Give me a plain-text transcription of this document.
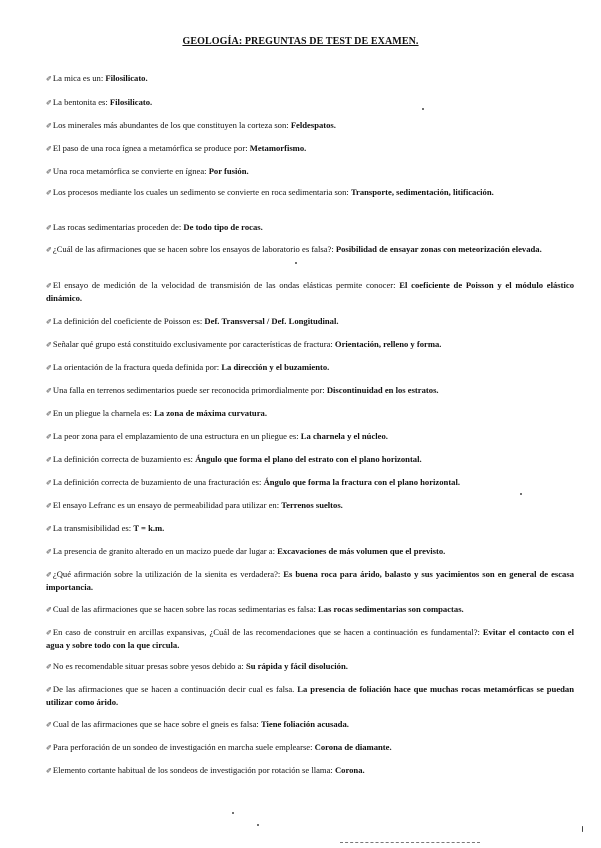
GEOLOGÍA: PREGUNTAS DE TEST DE EXAMEN.
✐La mica es un: Filosilicato.
✐La bentonita es: Filosilicato.
✐Los minerales más abundantes de los que constituyen la corteza son: Feldespatos.
✐El paso de una roca ígnea a metamórfica se produce por: Metamorfismo.
✐Una roca metamórfica se convierte en ígnea: Por fusión.
✐Los procesos mediante los cuales un sedimento se convierte en roca sedimentaria son: Transporte, sedimentación, litificación.
✐Las rocas sedimentarias proceden de: De todo tipo de rocas.
✐¿Cuál de las afirmaciones que se hacen sobre los ensayos de laboratorio es falsa?: Posibilidad de ensayar zonas con meteorización elevada.
✐El ensayo de medición de la velocidad de transmisión de las ondas elásticas permite conocer: El coeficiente de Poisson y el módulo elástico dinámico.
✐La definición del coeficiente de Poisson es: Def. Transversal / Def. Longitudinal.
✐Señalar qué grupo está constituido exclusivamente por características de fractura: Orientación, relleno y forma.
✐La orientación de la fractura queda definida por: La dirección y el buzamiento.
✐Una falla en terrenos sedimentarios puede ser reconocida primordialmente por: Discontinuidad en los estratos.
✐En un pliegue la charnela es: La zona de máxima curvatura.
✐La peor zona para el emplazamiento de una estructura en un pliegue es: La charnela y el núcleo.
✐La definición correcta de buzamiento es: Ángulo que forma el plano del estrato con el plano horizontal.
✐La definición correcta de buzamiento de una fracturación es: Ángulo que forma la fractura con el plano horizontal.
✐El ensayo Lefranc es un ensayo de permeabilidad para utilizar en: Terrenos sueltos.
✐La transmisibilidad es: T = k.m.
✐La presencia de granito alterado en un macizo puede dar lugar a: Excavaciones de más volumen que el previsto.
✐¿Qué afirmación sobre la utilización de la sienita es verdadera?: Es buena roca para árido, balasto y sus yacimientos son en general de escasa importancia.
✐Cual de las afirmaciones que se hacen sobre las rocas sedimentarias es falsa: Las rocas sedimentarias son compactas.
✐En caso de construir en arcillas expansivas, ¿Cuál de las recomendaciones que se hacen a continuación es fundamental?: Evitar el contacto con el agua y sobre todo con la que circula.
✐No es recomendable situar presas sobre yesos debido a: Su rápida y fácil disolución.
✐De las afirmaciones que se hacen a continuación decir cual es falsa. La presencia de foliación hace que muchas rocas metamórficas se puedan utilizar como árido.
✐Cual de las afirmaciones que se hace sobre el gneis es falsa: Tiene foliación acusada.
✐Para perforación de un sondeo de investigación en marcha suele emplearse: Corona de diamante.
✐Elemento cortante habitual de los sondeos de investigación por rotación se llama: Corona.
